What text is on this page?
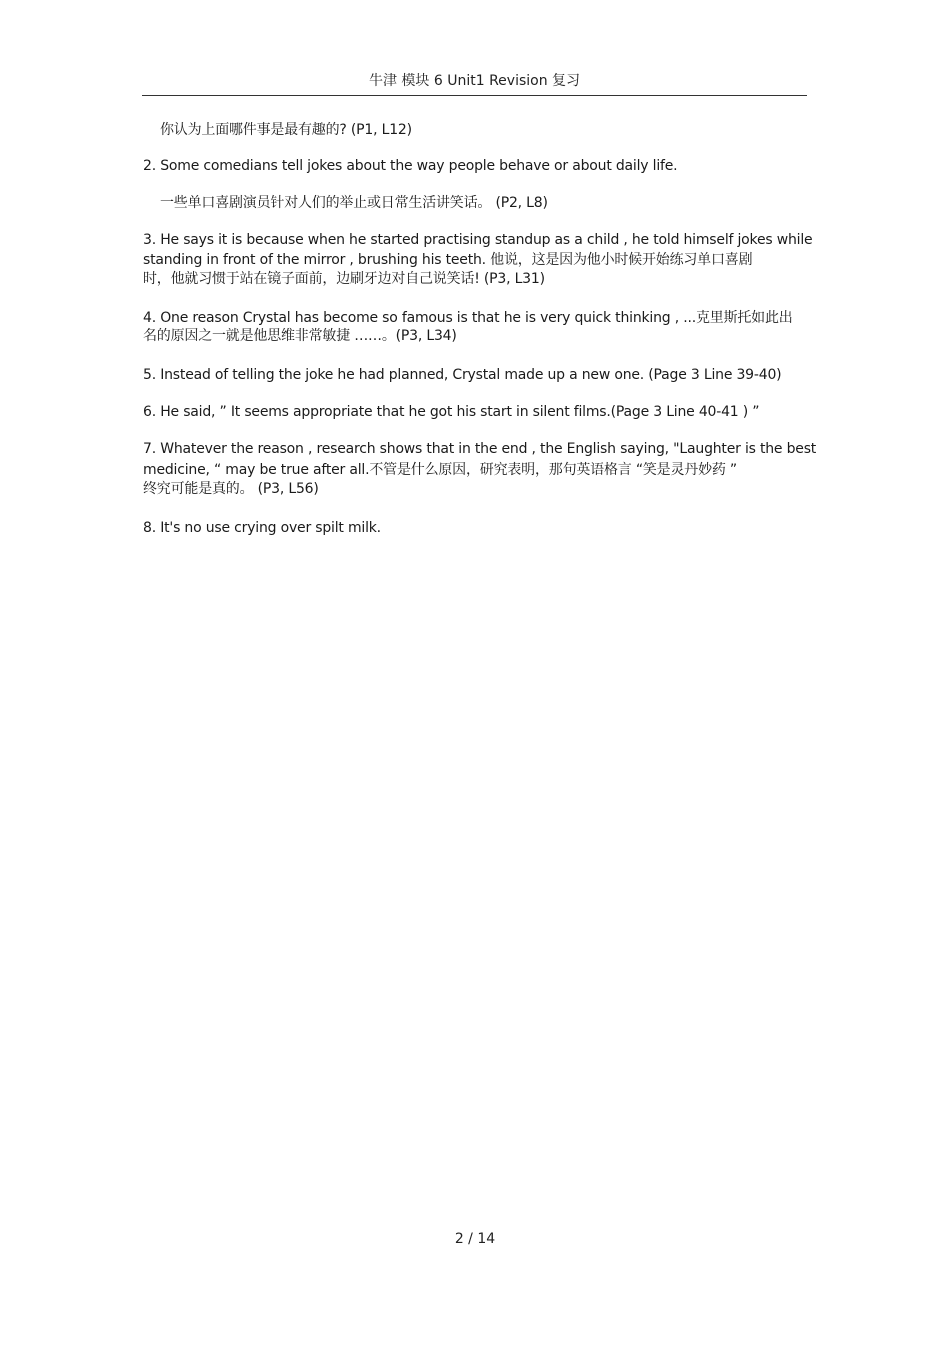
牛津 模块 6 Unit1 Revision 复习
你认为上面哪件事是最有趣的? (P1, L12)
2. Some comedians tell jokes about the way people behave or about daily life.
一些单口喜剧演员针对人们的举止或日常生活讲笑话。 (P2, L8)
3. He says it is because when he started practising standup as a child , he told himself jokes while
standing in front of the mirror , brushing his teeth. 他说，这是因为他小时候开始练习单口喜剧
时，他就习惯于站在镜子面前，边刷牙边对自己说笑话! (P3, L31)
4. One reason Crystal has become so famous is that he is very quick thinking , ...克里斯托如此出
名的原因之一就是他思维非常敏捷 ……。(P3, L34)
5. Instead of telling the joke he had planned, Crystal made up a new one. (Page 3 Line 39-40)
6. He said, ” It seems appropriate that he got his start in silent films.(Page 3 Line 40-41 ) ”
7. Whatever the reason , research shows that in the end , the English saying, "Laughter is the best
medicine, “ may be true after all.不管是什么原因，研究表明，那句英语格言 “笑是灵丹妙药 ”
终究可能是真的。 (P3, L56)
8. It's no use crying over spilt milk.
2 / 14
